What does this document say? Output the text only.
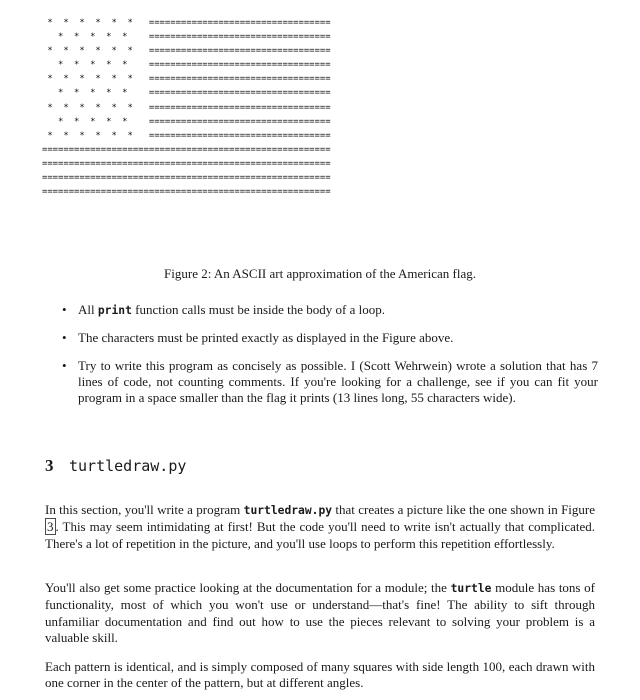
*  *  *  *  *  *   ==================================
*  *  *  *  *    ==================================
*  *  *  *  *  *   ==================================
*  *  *  *  *    ==================================
*  *  *  *  *  *   ==================================
*  *  *  *  *    ==================================
*  *  *  *  *  *   ==================================
*  *  *  *  *    ==================================
*  *  *  *  *  *   ==================================
======================================================
======================================================
======================================================
======================================================
Figure 2: An ASCII art approximation of the American flag.
• All print function calls must be inside the body of a loop.
• The characters must be printed exactly as displayed in the Figure above.
• Try to write this program as concisely as possible. I (Scott Wehrwein) wrote a solution that has 7 lines of code, not counting comments. If you're looking for a challenge, see if you can fit your program in a space smaller than the flag it prints (13 lines long, 55 characters wide).
3 turtledraw.py

In this section, you'll write a program turtledraw.py that creates a picture like the one shown in Figure 3 . This may seem intimidating at first! But the code you'll need to write isn't actually that complicated. There's a lot of repetition in the picture, and you'll use loops to perform this repetition effortlessly.

You'll also get some practice looking at the documentation for a module; the turtle module has tons of functionality, most of which you won't use or understand—that's fine! The ability to sift through unfamiliar documentation and find out how to use the pieces relevant to solving your problem is a valuable skill.

Each pattern is identical, and is simply composed of many squares with side length 100, each drawn with one corner in the center of the pattern, but at different angles.
